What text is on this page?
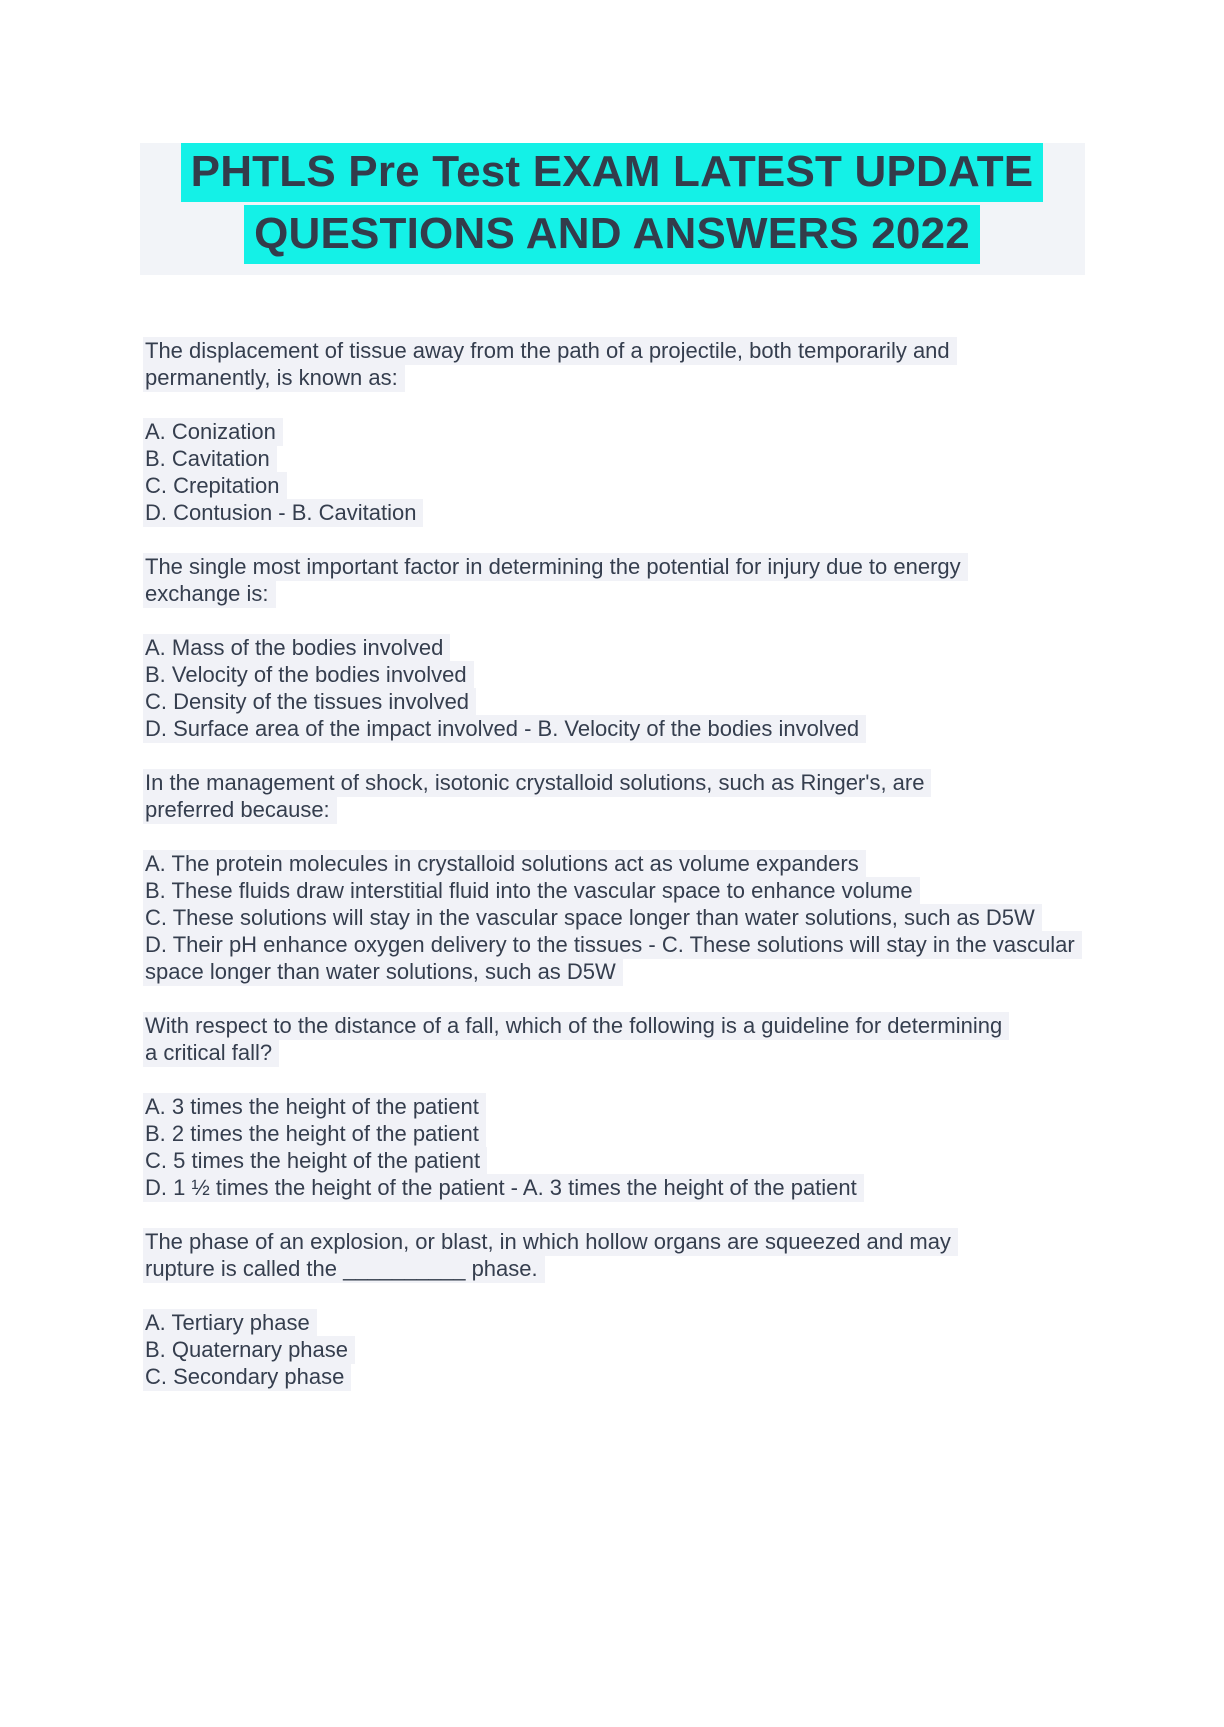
PHTLS Pre Test EXAM LATEST UPDATE
QUESTIONS AND ANSWERS 2022

The displacement of tissue away from the path of a projectile, both temporarily and
permanently, is known as:

A. Conization
B. Cavitation
C. Crepitation
D. Contusion - B. Cavitation

The single most important factor in determining the potential for injury due to energy
exchange is:

A. Mass of the bodies involved
B. Velocity of the bodies involved
C. Density of the tissues involved
D. Surface area of the impact involved - B. Velocity of the bodies involved

In the management of shock, isotonic crystalloid solutions, such as Ringer's, are
preferred because:

A. The protein molecules in crystalloid solutions act as volume expanders
B. These fluids draw interstitial fluid into the vascular space to enhance volume
C. These solutions will stay in the vascular space longer than water solutions, such as D5W
D. Their pH enhance oxygen delivery to the tissues - C. These solutions will stay in the vascular space longer than water solutions, such as D5W

With respect to the distance of a fall, which of the following is a guideline for determining
a critical fall?

A. 3 times the height of the patient
B. 2 times the height of the patient
C. 5 times the height of the patient
D. 1 ½ times the height of the patient - A. 3 times the height of the patient

The phase of an explosion, or blast, in which hollow organs are squeezed and may
rupture is called the __________ phase.

A. Tertiary phase
B. Quaternary phase
C. Secondary phase
